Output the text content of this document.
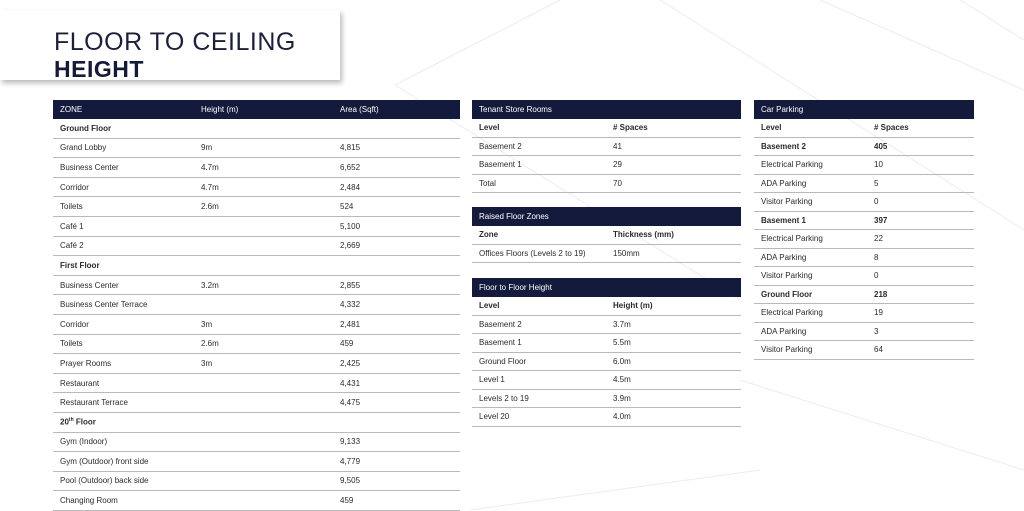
FLOOR TO CEILING
HEIGHT
ZONE	Height (m)	Area (Sqft)
Ground Floor		
Grand Lobby	9m	4,815
Business Center	4.7m	6,652
Corridor	4.7m	2,484
Toilets	2.6m	524
Café 1		5,100
Café 2		2,669
First Floor		
Business Center	3.2m	2,855
Business Center Terrace		4,332
Corridor	3m	2,481
Toilets	2.6m	459
Prayer Rooms	3m	2,425
Restaurant		4,431
Restaurant Terrace		4,475
20th Floor		
Gym (Indoor)		9,133
Gym (Outdoor) front side		4,779
Pool (Outdoor) back side		9,505
Changing Room		459
Tenant Store Rooms	
Level	# Spaces
Basement 2	41
Basement 1	29
Total	70
Raised Floor Zones	
Zone	Thickness (mm)
Offices Floors (Levels 2 to 19)	150mm
Floor to Floor Height	
Level	Height (m)
Basement 2	3.7m
Basement 1	5.5m
Ground Floor	6.0m
Level 1	4.5m
Levels 2 to 19	3.9m
Level 20	4.0m
Car Parking	
Level	# Spaces
Basement 2	405
Electrical Parking	10
ADA Parking	5
Visitor Parking	0
Basement 1	397
Electrical Parking	22
ADA Parking	8
Visitor Parking	0
Ground Floor	218
Electrical Parking	19
ADA Parking	3
Visitor Parking	64
